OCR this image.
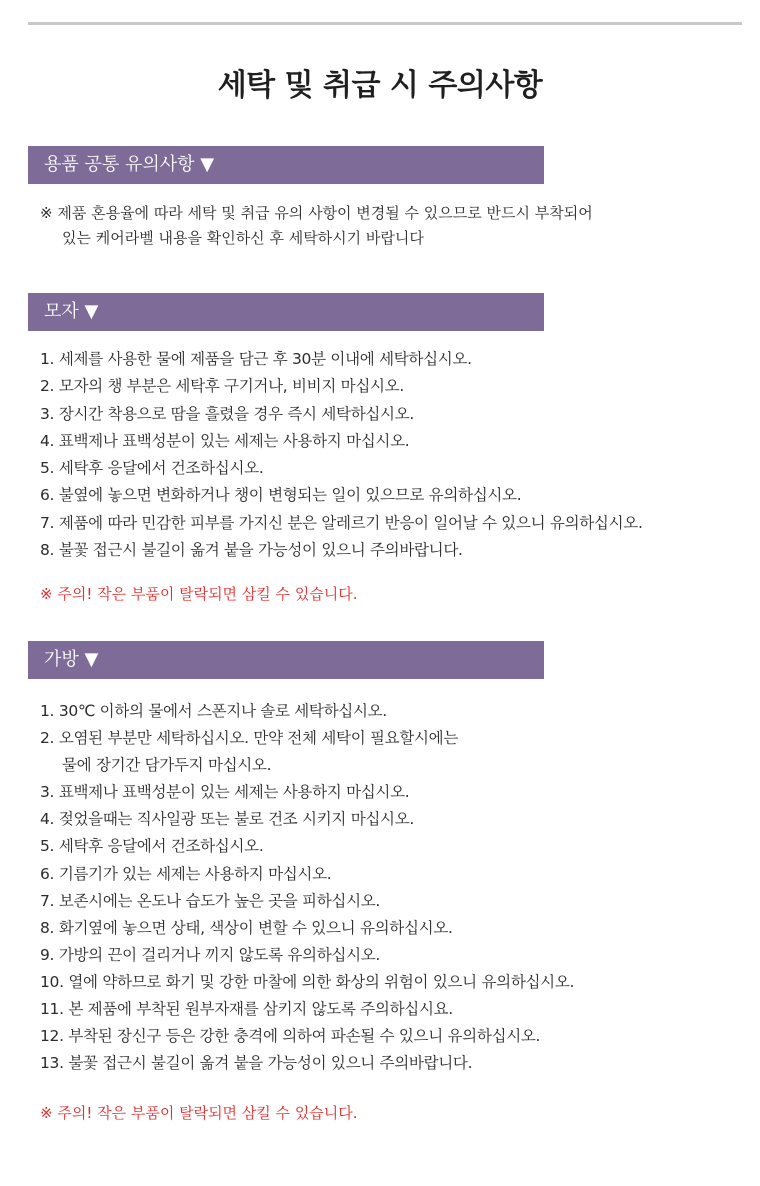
세탁 및 취급 시 주의사항
용품 공통 유의사항 ▼
※ 제품 혼용율에 따라 세탁 및 취급 유의 사항이 변경될 수 있으므로 반드시 부착되어
있는 케어라벨 내용을 확인하신 후 세탁하시기 바랍니다
모자 ▼
1. 세제를 사용한 물에 제품을 담근 후 30분 이내에 세탁하십시오.
2. 모자의 챙 부분은 세탁후 구기거나, 비비지 마십시오.
3. 장시간 착용으로 땀을 흘렸을 경우 즉시 세탁하십시오.
4. 표백제나 표백성분이 있는 세제는 사용하지 마십시오.
5. 세탁후 응달에서 건조하십시오.
6. 불옆에 놓으면 변화하거나 챙이 변형되는 일이 있으므로 유의하십시오.
7. 제품에 따라 민감한 피부를 가지신 분은 알레르기 반응이 일어날 수 있으니 유의하십시오.
8. 불꽃 접근시 불길이 옮겨 붙을 가능성이 있으니 주의바랍니다.
※ 주의! 작은 부품이 탈락되면 삼킬 수 있습니다.
가방 ▼
1. 30℃ 이하의 물에서 스폰지나 솔로 세탁하십시오.
2. 오염된 부분만 세탁하십시오. 만약 전체 세탁이 필요할시에는
물에 장기간 담가두지 마십시오.
3. 표백제나 표백성분이 있는 세제는 사용하지 마십시오.
4. 젖었을때는 직사일광 또는 불로 건조 시키지 마십시오.
5. 세탁후 응달에서 건조하십시오.
6. 기름기가 있는 세제는 사용하지 마십시오.
7. 보존시에는 온도나 습도가 높은 곳을 피하십시오.
8. 화기옆에 놓으면 상태, 색상이 변할 수 있으니 유의하십시오.
9. 가방의 끈이 걸리거나 끼지 않도록 유의하십시오.
10. 열에 약하므로 화기 및 강한 마찰에 의한 화상의 위험이 있으니 유의하십시오.
11. 본 제품에 부착된 원부자재를 삼키지 않도록 주의하십시요.
12. 부착된 장신구 등은 강한 충격에 의하여 파손될 수 있으니 유의하십시오.
13. 불꽃 접근시 불길이 옮겨 붙을 가능성이 있으니 주의바랍니다.
※ 주의! 작은 부품이 탈락되면 삼킬 수 있습니다.
